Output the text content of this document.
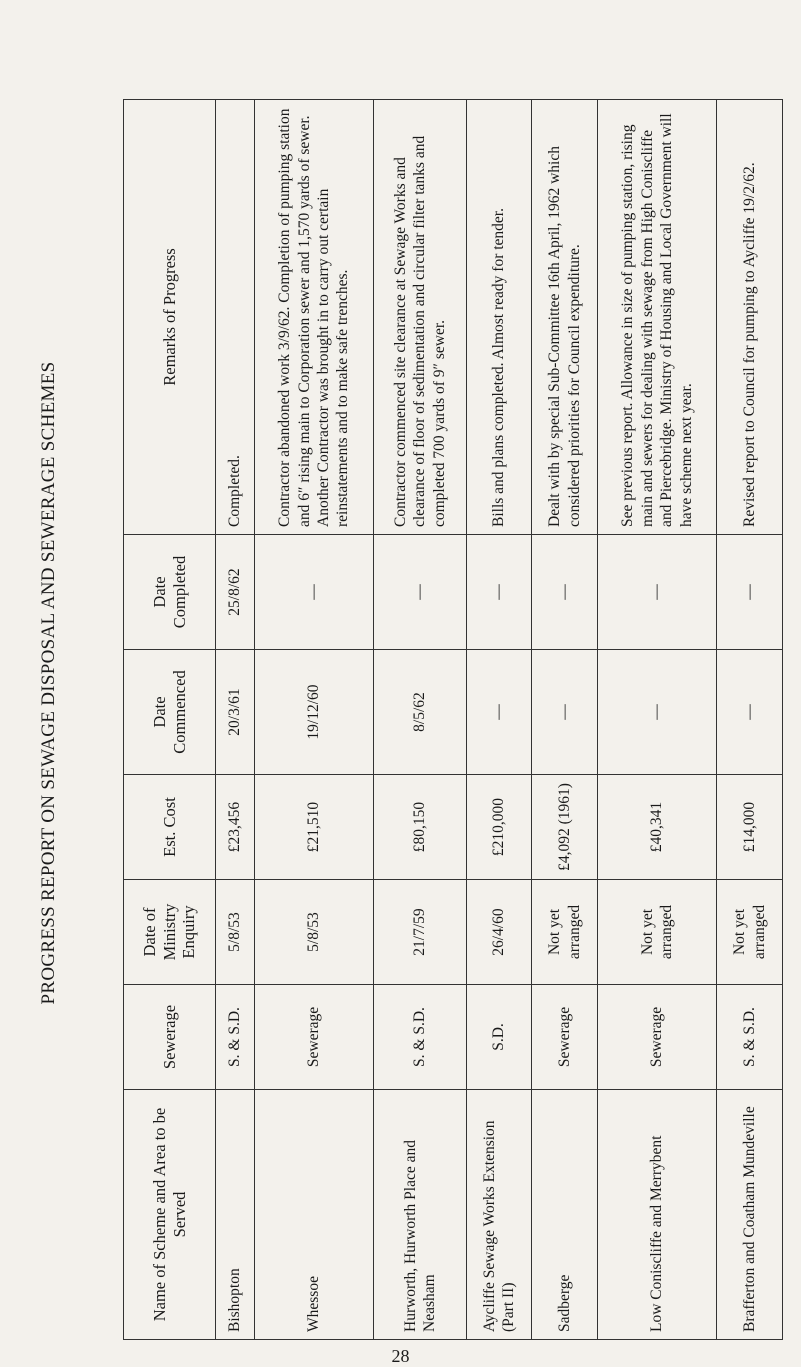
PROGRESS REPORT ON SEWAGE DISPOSAL AND SEWERAGE SCHEMES
Name of Scheme and Area to be Served	Sewerage	Date of Ministry Enquiry	Est. Cost	Date Commenced	Date Completed	Remarks of Progress
Bishopton	S. & S.D.	5/8/53	£23,456	20/3/61	25/8/62	Completed.
Whessoe	Sewerage	5/8/53	£21,510	19/12/60	—	Contractor abandoned work 3/9/62. Completion of pumping station and 6″ rising main to Corporation sewer and 1,570 yards of sewer. Another Contractor was brought in to carry out certain reinstatements and to make safe trenches.
Hurworth, Hurworth Place and Neasham	S. & S.D.	21/7/59	£80,150	8/5/62	—	Contractor commenced site clearance at Sewage Works and clearance of floor of sedimentation and circular filter tanks and completed 700 yards of 9″ sewer.
Aycliffe Sewage Works Extension (Part II)	S.D.	26/4/60	£210,000	—	—	Bills and plans completed. Almost ready for tender.
Sadberge	Sewerage	Not yet arranged	£4,092 (1961)	—	—	Dealt with by special Sub-Committee 16th April, 1962 which considered priorities for Council expenditure.
Low Coniscliffe and Merrybent	Sewerage	Not yet arranged	£40,341	—	—	See previous report. Allowance in size of pumping station, rising main and sewers for dealing with sewage from High Coniscliffe and Piercebridge. Ministry of Housing and Local Government will have scheme next year.
Brafferton and Coatham Mundeville	S. & S.D.	Not yet arranged	£14,000	—	—	Revised report to Council for pumping to Aycliffe 19/2/62.
28
